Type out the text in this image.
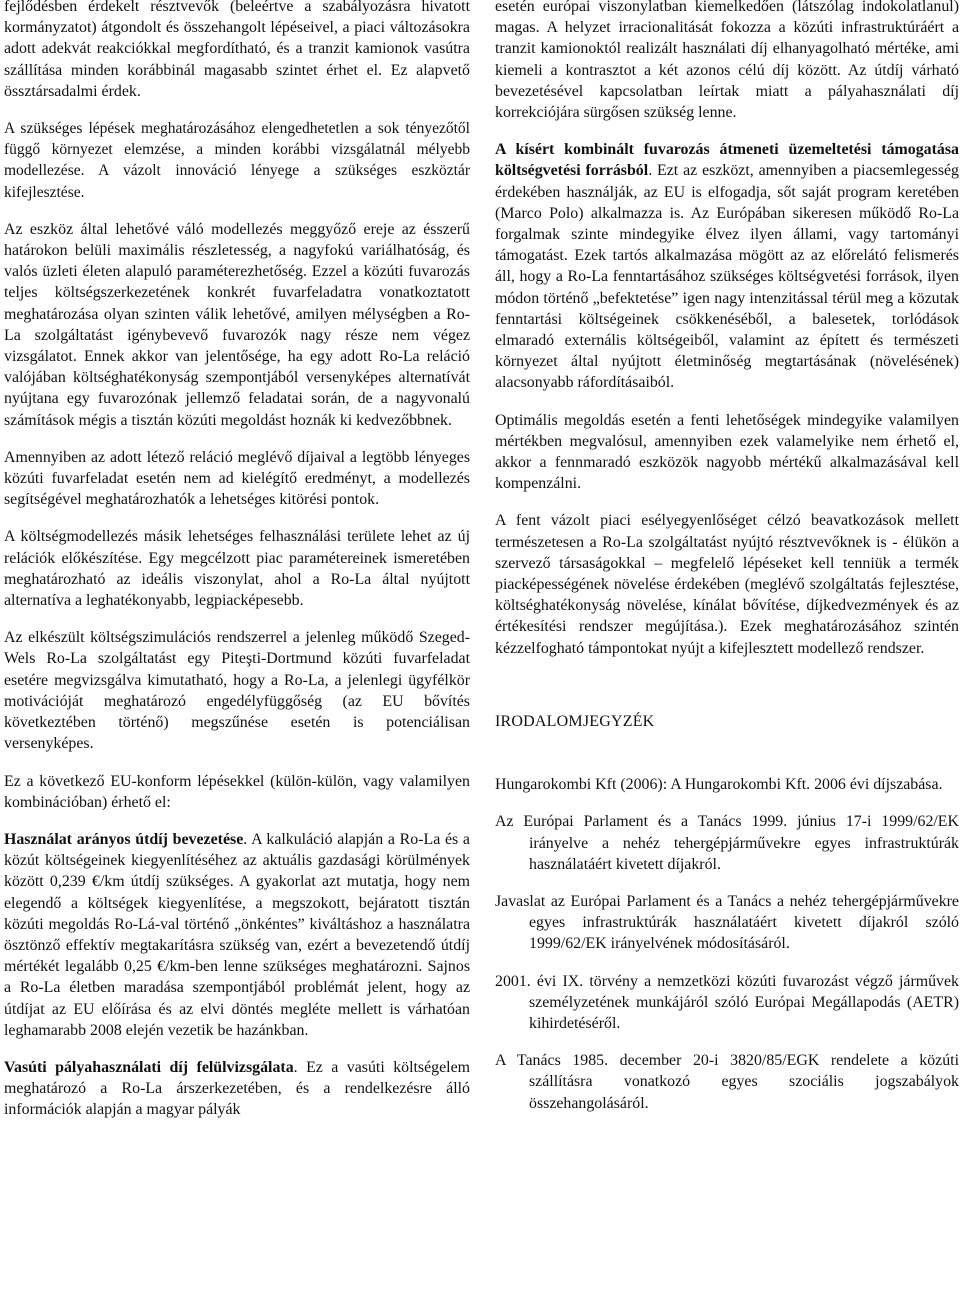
fejlődésben érdekelt résztvevők (beleértve a szabályozásra hivatott kormányzatot) átgondolt és összehangolt lépéseivel, a piaci változásokra adott adekvát reakciókkal megfordítható, és a tranzit kamionok vasútra szállítása minden korábbinál magasabb szintet érhet el. Ez alapvető össztársadalmi érdek.

A szükséges lépések meghatározásához elengedhetetlen a sok tényezőtől függő környezet elemzése, a minden korábbi vizsgálatnál mélyebb modellezése. A vázolt innováció lényege a szükséges eszköztár kifejlesztése.

Az eszköz által lehetővé váló modellezés meggyőző ereje az ésszerű határokon belüli maximális részletesség, a nagyfokú variálhatóság, és valós üzleti életen alapuló paraméterezhetőség. Ezzel a közúti fuvarozás teljes költségszerkezetének konkrét fuvarfeladatra vonatkoztatott meghatározása olyan szinten válik lehetővé, amilyen mélységben a Ro-La szolgáltatást igénybevevő fuvarozók nagy része nem végez vizsgálatot. Ennek akkor van jelentősége, ha egy adott Ro-La reláció valójában költséghatékonyság szempontjából versenyképes alternatívát nyújtana egy fuvarozónak jellemző feladatai során, de a nagyvonalú számítások mégis a tisztán közúti megoldást hoznák ki kedvezőbbnek.

Amennyiben az adott létező reláció meglévő díjaival a legtöbb lényeges közúti fuvarfeladat esetén nem ad kielégítő eredményt, a modellezés segítségével meghatározhatók a lehetséges kitörési pontok.

A költségmodellezés másik lehetséges felhasználási területe lehet az új relációk előkészítése. Egy megcélzott piac paramétereinek ismeretében meghatározható az ideális viszonylat, ahol a Ro-La által nyújtott alternatíva a leghatékonyabb, legpiacképesebb.

Az elkészült költségszimulációs rendszerrel a jelenleg működő Szeged-Wels Ro-La szolgáltatást egy Piteşti-Dortmund közúti fuvarfeladat esetére megvizsgálva kimutatható, hogy a Ro-La, a jelenlegi ügyfélkör motivációját meghatározó engedélyfüggőség (az EU bővítés következtében történő) megszűnése esetén is potenciálisan versenyképes.

Ez a következő EU-konform lépésekkel (külön-külön, vagy valamilyen kombinációban) érhető el:

Használat arányos útdíj bevezetése. A kalkuláció alapján a Ro-La és a közút költségeinek kiegyenlítéséhez az aktuális gazdasági körülmények között 0,239 €/km útdíj szükséges. A gyakorlat azt mutatja, hogy nem elegendő a költségek kiegyenlítése, a megszokott, bejáratott tisztán közúti megoldás Ro-Lá-val történő „önkéntes” kiváltáshoz a használatra ösztönző effektív megtakarításra szükség van, ezért a bevezetendő útdíj mértékét legalább 0,25 €/km-ben lenne szükséges meghatározni. Sajnos a Ro-La életben maradása szempontjából problémát jelent, hogy az útdíjat az EU előírása és az elvi döntés megléte mellett is várhatóan leghamarabb 2008 elején vezetik be hazánkban.

Vasúti pályahasználati díj felülvizsgálata. Ez a vasúti költségelem meghatározó a Ro-La árszerkezetében, és a rendelkezésre álló információk alapján a magyar pályák

esetén európai viszonylatban kiemelkedően (látszólag indokolatlanul) magas. A helyzet irracionalitását fokozza a közúti infrastruktúráért a tranzit kamionoktól realizált használati díj elhanyagolható mértéke, ami kiemeli a kontrasztot a két azonos célú díj között. Az útdíj várható bevezetésével kapcsolatban leírtak miatt a pályahasználati díj korrekciójára sürgősen szükség lenne.

A kísért kombinált fuvarozás átmeneti üzemeltetési támogatása költségvetési forrásból. Ezt az eszközt, amennyiben a piacsemlegesség érdekében használják, az EU is elfogadja, sőt saját program keretében (Marco Polo) alkalmazza is. Az Európában sikeresen működő Ro-La forgalmak szinte mindegyike élvez ilyen állami, vagy tartományi támogatást. Ezek tartós alkalmazása mögött az az előrelátó felismerés áll, hogy a Ro-La fenntartásához szükséges költségvetési források, ilyen módon történő „befektetése” igen nagy intenzitással térül meg a közutak fenntartási költségeinek csökkenéséből, a balesetek, torlódások elmaradó externális költségeiből, valamint az épített és természeti környezet által nyújtott életminőség megtartásának (növelésének) alacsonyabb ráfordításaiból.

Optimális megoldás esetén a fenti lehetőségek mindegyike valamilyen mértékben megvalósul, amennyiben ezek valamelyike nem érhető el, akkor a fennmaradó eszközök nagyobb mértékű alkalmazásával kell kompenzálni.

A fent vázolt piaci esélyegyenlőséget célzó beavatkozások mellett természetesen a Ro-La szolgáltatást nyújtó résztvevőknek is - élükön a szervező társaságokkal – megfelelő lépéseket kell tenniük a termék piacképességének növelése érdekében (meglévő szolgáltatás fejlesztése, költséghatékonyság növelése, kínálat bővítése, díjkedvezmények és az értékesítési rendszer megújítása.). Ezek meghatározásához szintén kézzelfogható támpontokat nyújt a kifejlesztett modellező rendszer.

IRODALOMJEGYZÉK

Hungarokombi Kft (2006): A Hungarokombi Kft. 2006 évi díjszabása.

Az Európai Parlament és a Tanács 1999. június 17-i 1999/62/EK irányelve a nehéz tehergépjárművekre egyes infrastruktúrák használatáért kivetett díjakról.

Javaslat az Európai Parlament és a Tanács a nehéz tehergépjárművekre egyes infrastruktúrák használatáért kivetett díjakról szóló 1999/62/EK irányelvének módosításáról.

2001. évi IX. törvény a nemzetközi közúti fuvarozást végző járművek személyzetének munkájáról szóló Európai Megállapodás (AETR) kihirdetéséről.

A Tanács 1985. december 20-i 3820/85/EGK rendelete a közúti szállításra vonatkozó egyes szociális jogszabályok összehangolásáról.
